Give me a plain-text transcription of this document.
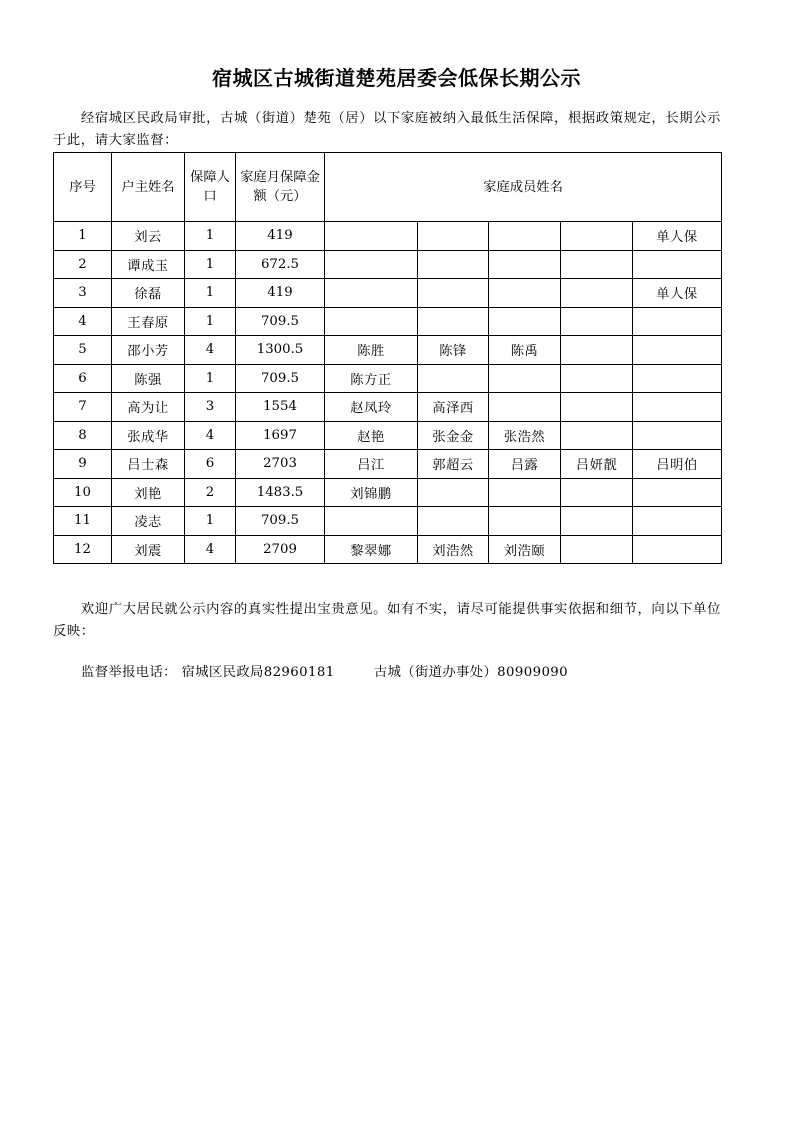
宿城区古城街道楚苑居委会低保长期公示
经宿城区民政局审批，古城（街道）楚苑（居）以下家庭被纳入最低生活保障，根据政策规定，长期公示于此，请大家监督：
序号	户主姓名	保障人口	家庭月保障金额（元）	家庭成员姓名				
1	刘云	1	419					单人保
2	谭成玉	1	672.5					
3	徐磊	1	419					单人保
4	王春原	1	709.5					
5	邵小芳	4	1300.5	陈胜	陈锋	陈禹		
6	陈强	1	709.5	陈方正				
7	高为让	3	1554	赵凤玲	高泽西			
8	张成华	4	1697	赵艳	张金金	张浩然		
9	吕士森	6	2703	吕江	郭超云	吕露	吕妍靓	吕明伯
10	刘艳	2	1483.5	刘锦鹏				
11	凌志	1	709.5					
12	刘震	4	2709	黎翠娜	刘浩然	刘浩颐		
欢迎广大居民就公示内容的真实性提出宝贵意见。如有不实，请尽可能提供事实依据和细节，向以下单位反映：
监督举报电话： 宿城区民政局82960181	古城（街道办事处）80909090
